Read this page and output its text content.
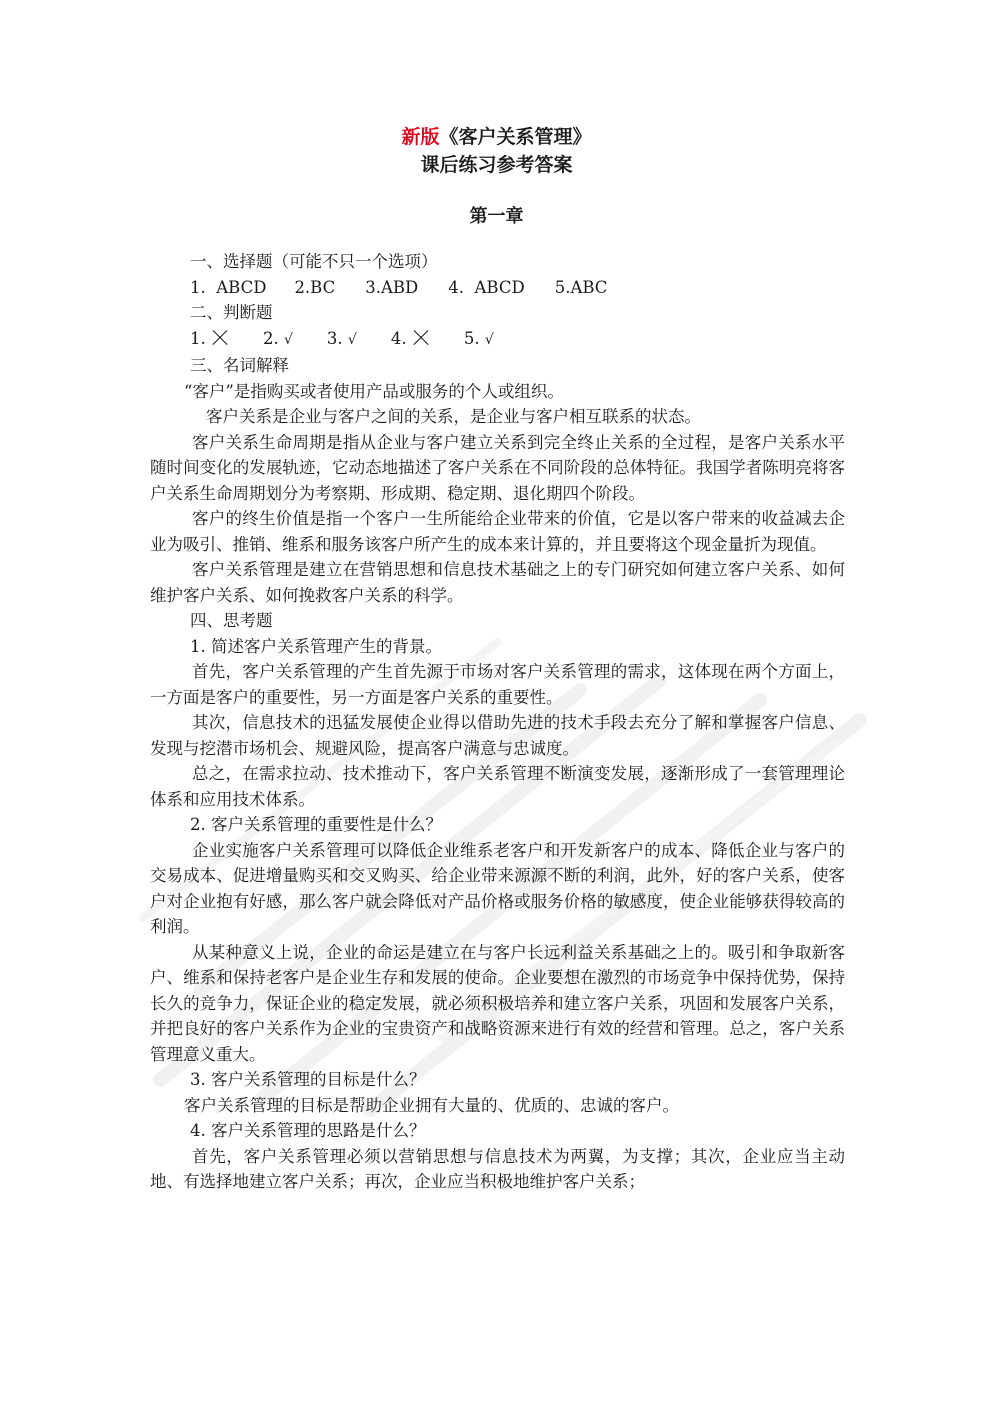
新版《客户关系管理》
课后练习参考答案
第一章

一、选择题（可能不只一个选项）

1.  ABCD 2.BC 3.ABD 4.  ABCD 5.ABC

二、判断题

1.	2. √ 3. √ 4.	5. √

三、名词解释

“客户”是指购买或者使用产品或服务的个人或组织。

客户关系是企业与客户之间的关系，是企业与客户相互联系的状态。

客户关系生命周期是指从企业与客户建立关系到完全终止关系的全过程，是客户关系水平随时间变化的发展轨迹，它动态地描述了客户关系在不同阶段的总体特征。我国学者陈明亮将客户关系生命周期划分为考察期、形成期、稳定期、退化期四个阶段。

客户的终生价值是指一个客户一生所能给企业带来的价值，它是以客户带来的收益减去企业为吸引、推销、维系和服务该客户所产生的成本来计算的，并且要将这个现金量折为现值。

客户关系管理是建立在营销思想和信息技术基础之上的专门研究如何建立客户关系、如何维护客户关系、如何挽救客户关系的科学。

四、思考题

1. 简述客户关系管理产生的背景。

首先，客户关系管理的产生首先源于市场对客户关系管理的需求，这体现在两个方面上，一方面是客户的重要性，另一方面是客户关系的重要性。

其次，信息技术的迅猛发展使企业得以借助先进的技术手段去充分了解和掌握客户信息、发现与挖潜市场机会、规避风险，提高客户满意与忠诚度。

总之，在需求拉动、技术推动下，客户关系管理不断演变发展，逐渐形成了一套管理理论体系和应用技术体系。

2. 客户关系管理的重要性是什么？

企业实施客户关系管理可以降低企业维系老客户和开发新客户的成本、降低企业与客户的交易成本、促进增量购买和交叉购买、给企业带来源源不断的利润，此外，好的客户关系，使客户对企业抱有好感，那么客户就会降低对产品价格或服务价格的敏感度，使企业能够获得较高的利润。

从某种意义上说，企业的命运是建立在与客户长远利益关系基础之上的。吸引和争取新客户、维系和保持老客户是企业生存和发展的使命。企业要想在激烈的市场竞争中保持优势，保持长久的竞争力，保证企业的稳定发展，就必须积极培养和建立客户关系，巩固和发展客户关系，并把良好的客户关系作为企业的宝贵资产和战略资源来进行有效的经营和管理。总之，客户关系管理意义重大。

3. 客户关系管理的目标是什么？

客户关系管理的目标是帮助企业拥有大量的、优质的、忠诚的客户。

4. 客户关系管理的思路是什么？

首先，客户关系管理必须以营销思想与信息技术为两翼，为支撑；其次，企业应当主动地、有选择地建立客户关系；再次，企业应当积极地维护客户关系；
